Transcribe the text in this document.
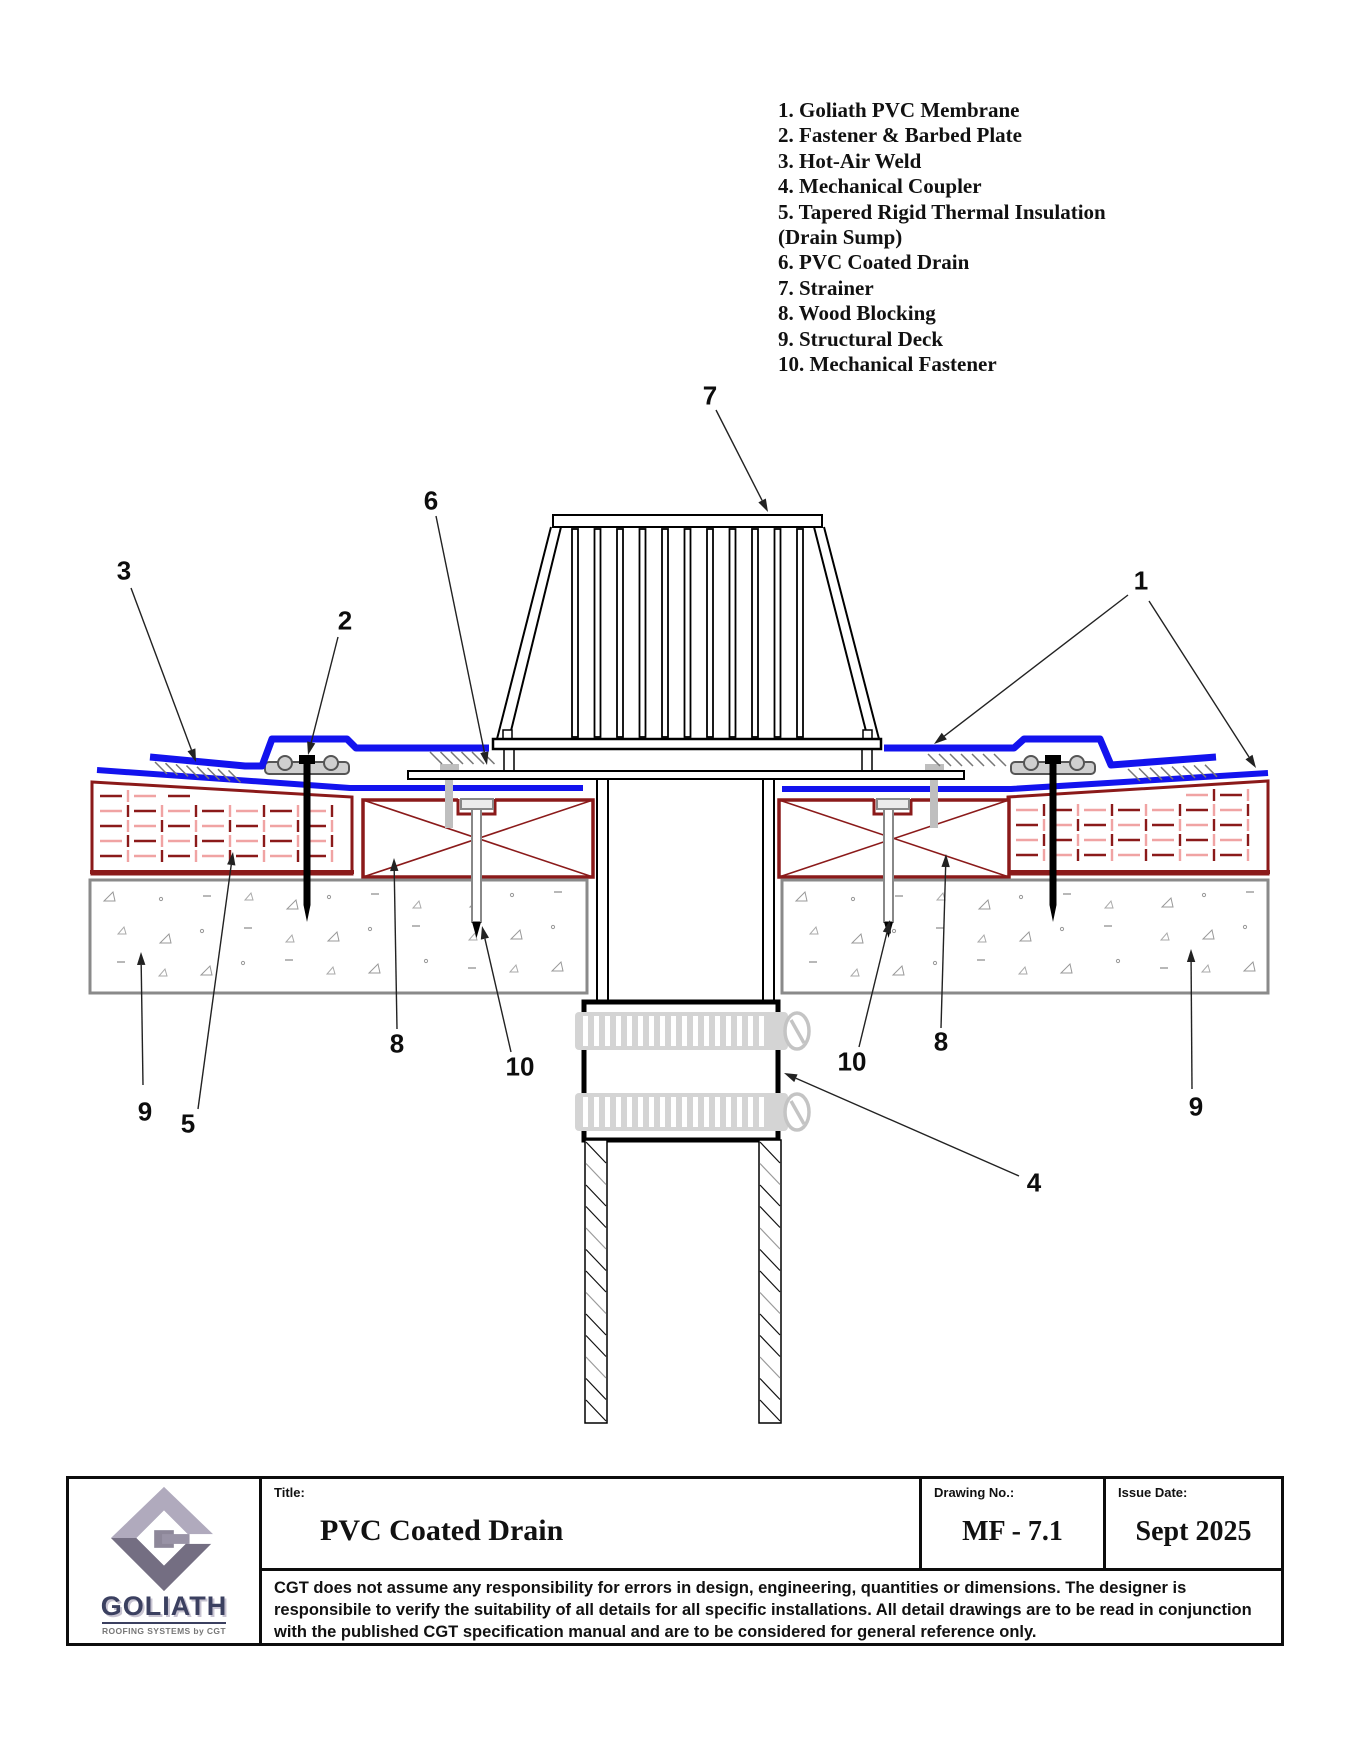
1. Goliath PVC Membrane
2. Fastener & Barbed Plate
3. Hot-Air Weld
4. Mechanical Coupler
5. Tapered Rigid Thermal Insulation
(Drain Sump)
6. PVC Coated Drain
7. Strainer
8. Wood Blocking
9. Structural Deck
10. Mechanical Fastener
1
2
3
4
5
6
7
8	8
9	9
10	10
GOLIATH
ROOFING SYSTEMS by CGT
Title:
PVC Coated Drain
Drawing No.:
MF - 7.1
Issue Date:
Sept 2025
CGT does not assume any responsibility for errors in design, engineering, quantities or dimensions. The designer is responsibile to verify the suitability of all details for all specific installations. All detail drawings are to be read in conjunction with the published CGT specification manual and are to be considered for general reference only.
